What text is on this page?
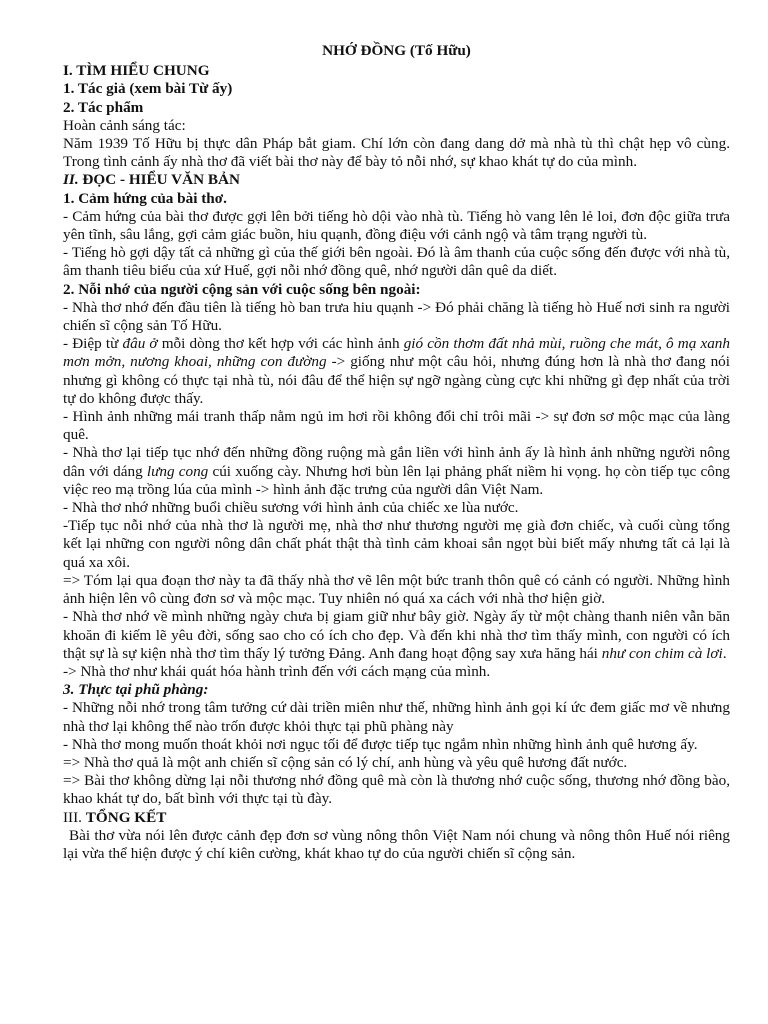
NHỚ ĐỒNG (Tố Hữu)

I. TÌM HIỂU CHUNG

1. Tác giả (xem bài Từ ấy)

2. Tác phẩm

Hoàn cảnh sáng tác:

Năm 1939 Tố Hữu bị thực dân Pháp bắt giam. Chí lớn còn đang dang dở mà nhà tù thì chật hẹp vô cùng. Trong tình cảnh ấy nhà thơ đã viết bài thơ này để bày tỏ nỗi nhớ, sự khao khát tự do của mình.

II. ĐỌC - HIỂU VĂN BẢN

1. Cảm hứng của bài thơ.

- Cảm hứng của bài thơ được gợi lên bởi tiếng hò dội vào nhà tù. Tiếng hò vang lên lẻ loi, đơn độc giữa trưa yên tĩnh, sâu lắng, gợi cảm giác buồn, hiu quạnh, đồng điệu với cảnh ngộ và tâm trạng người tù.

- Tiếng hò gợi dậy tất cả những gì của thế giới bên ngoài. Đó là âm thanh của cuộc sống đến được với nhà tù, âm thanh tiêu biểu của xứ Huế, gợi nỗi nhớ đồng quê, nhớ người dân quê da diết.

2. Nỗi nhớ của người cộng sản với cuộc sống bên ngoài:

- Nhà thơ nhớ đến đầu tiên là tiếng hò ban trưa hiu quạnh -> Đó phải chăng là tiếng hò Huế nơi sinh ra người chiến sĩ cộng sản Tố Hữu.

- Điệp từ đâu ở mỗi dòng thơ kết hợp với các hình ảnh gió cồn thơm đất nhả mùi, ruồng che mát, ô mạ xanh mơn mởn, nương khoai, những con đường -> giống như một câu hỏi, nhưng đúng hơn là nhà thơ đang nói nhưng gì không có thực tại nhà tù, nói đâu để thể hiện sự ngỡ ngàng cùng cực khi những gì đẹp nhất của trời tự do không được thấy.

- Hình ảnh những mái tranh thấp nằm ngủ im hơi rồi không đổi chỉ trôi mãi -> sự đơn sơ mộc mạc của làng quê.

- Nhà thơ lại tiếp tục nhớ đến những đồng ruộng mà gắn liền với hình ảnh ấy là hình ảnh những người nông dân với dáng lưng cong cúi xuống cày. Nhưng hơi bùn lên lại phảng phất niềm hi vọng. họ còn tiếp tục công việc reo mạ trồng lúa của mình -> hình ảnh đặc trưng của người dân Việt Nam.

- Nhà thơ nhớ những buổi chiều sương với hình ảnh của chiếc xe lùa nước.

-Tiếp tục nỗi nhớ của nhà thơ là người mẹ, nhà thơ như thương người mẹ già đơn chiếc, và cuối cùng tổng kết lại những con người nông dân chất phát thật thà tình cảm khoai sắn ngọt bùi biết mấy nhưng tất cả lại là quá xa xôi.

=> Tóm lại qua đoạn thơ này ta đã thấy nhà thơ vẽ lên một bức tranh thôn quê có cảnh có người. Những hình ảnh hiện lên vô cùng đơn sơ và mộc mạc. Tuy nhiên nó quá xa cách với nhà thơ hiện giờ.

- Nhà thơ nhớ về mình những ngày chưa bị giam giữ như bây giờ. Ngày ấy từ một chàng thanh niên vẫn băn khoăn đi kiếm lẽ yêu đời, sống sao cho có ích cho đẹp. Và đến khi nhà thơ tìm thấy mình, con người có ích thật sự là sự kiện nhà thơ tìm thấy lý tưởng Đảng. Anh đang hoạt động say xưa hăng hái như con chim cà lơi.

-> Nhà thơ như khái quát hóa hành trình đến với cách mạng của mình.

3. Thực tại phũ phàng:

- Những nỗi nhớ trong tâm tưởng cứ dài triền miên như thế, những hình ảnh gọi kí ức đem giấc mơ về nhưng nhà thơ lại không thể nào trốn được khỏi thực tại phũ phàng này

- Nhà thơ mong muốn thoát khỏi nơi ngục tối để được tiếp tục ngắm nhìn những hình ảnh quê hương ấy.

=> Nhà thơ quả là một anh chiến sĩ cộng sản có lý chí, anh hùng và yêu quê hương đất nước.

=> Bài thơ không dừng lại nỗi thương nhớ đồng quê mà còn là thương nhớ cuộc sống, thương nhớ đồng bào, khao khát tự do, bất bình với thực tại tù đày.

III. TỔNG KẾT

Bài thơ vừa nói lên được cảnh đẹp đơn sơ vùng nông thôn Việt Nam nói chung và nông thôn Huế nói riêng lại vừa thể hiện được ý chí kiên cường, khát khao tự do của người chiến sĩ cộng sản.
